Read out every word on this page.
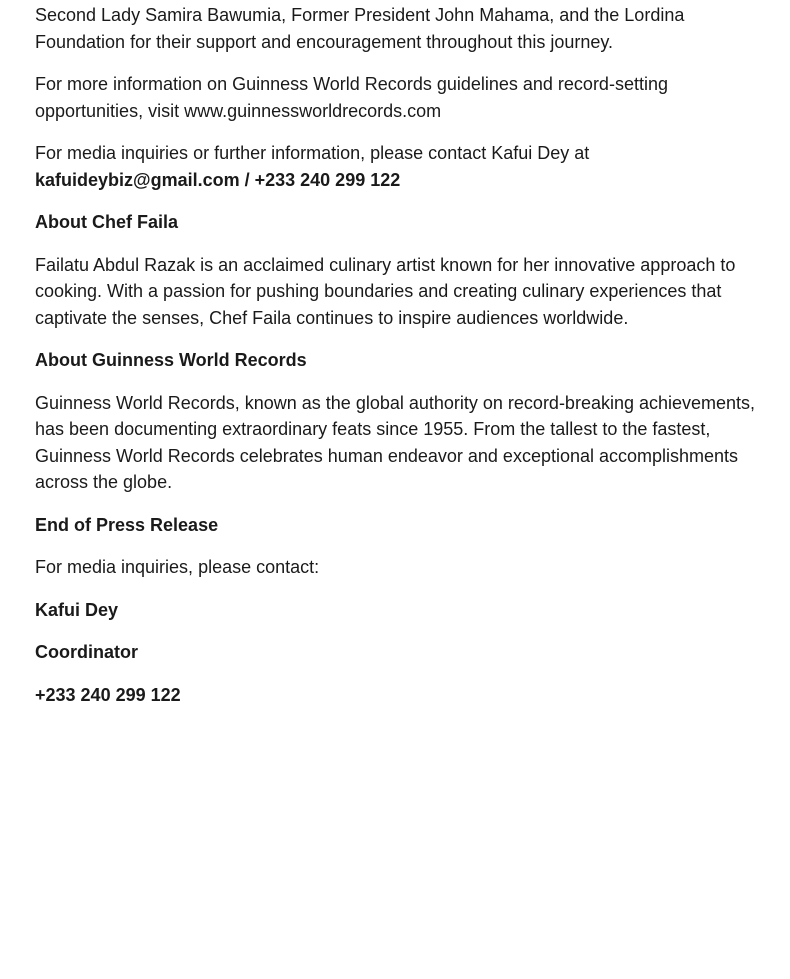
Second Lady Samira Bawumia, Former President John Mahama, and the Lordina Foundation for their support and encouragement throughout this journey.

For more information on Guinness World Records guidelines and record-setting opportunities, visit www.guinnessworldrecords.com

For media inquiries or further information, please contact Kafui Dey at
kafuideybiz@gmail.com / +233 240 299 122

About Chef Faila

Failatu Abdul Razak is an acclaimed culinary artist known for her innovative approach to cooking. With a passion for pushing boundaries and creating culinary experiences that captivate the senses, Chef Faila continues to inspire audiences worldwide.

About Guinness World Records

Guinness World Records, known as the global authority on record-breaking achievements, has been documenting extraordinary feats since 1955. From the tallest to the fastest, Guinness World Records celebrates human endeavor and exceptional accomplishments across the globe.

End of Press Release

For media inquiries, please contact:

Kafui Dey

Coordinator

+233 240 299 122
